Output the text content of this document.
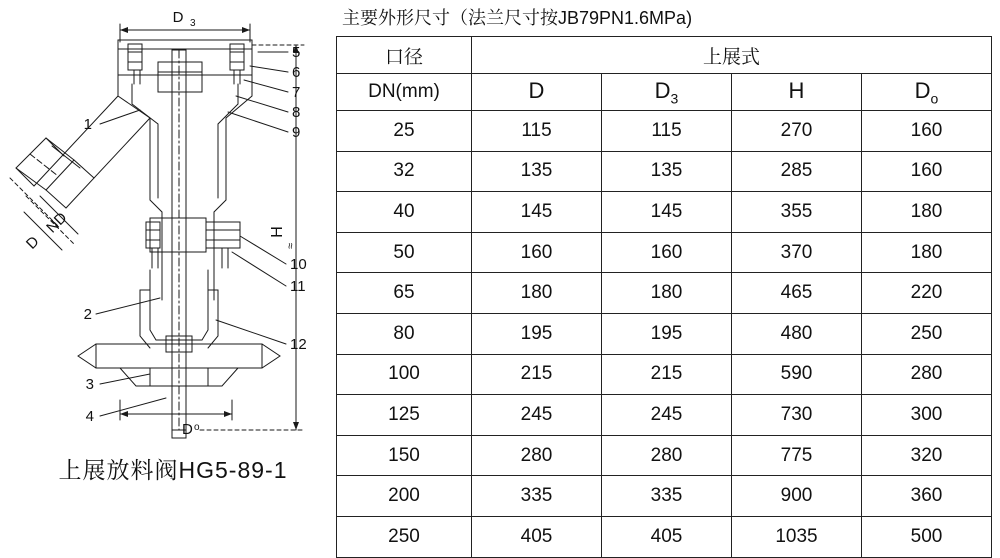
D 3
H
≈
D o
ND
D
5
6
7
8
9
10
11
12
1
2
3
4
上展放料阀HG5-89-1
主要外形尺寸（法兰尺寸按JB79PN1.6MPa)
口径	上展式			
DN(mm)	D	$D_3$	H	$D_o$
25	115	115	270	160
32	135	135	285	160
40	145	145	355	180
50	160	160	370	180
65	180	180	465	220
80	195	195	480	250
100	215	215	590	280
125	245	245	730	300
150	280	280	775	320
200	335	335	900	360
250	405	405	1035	500
